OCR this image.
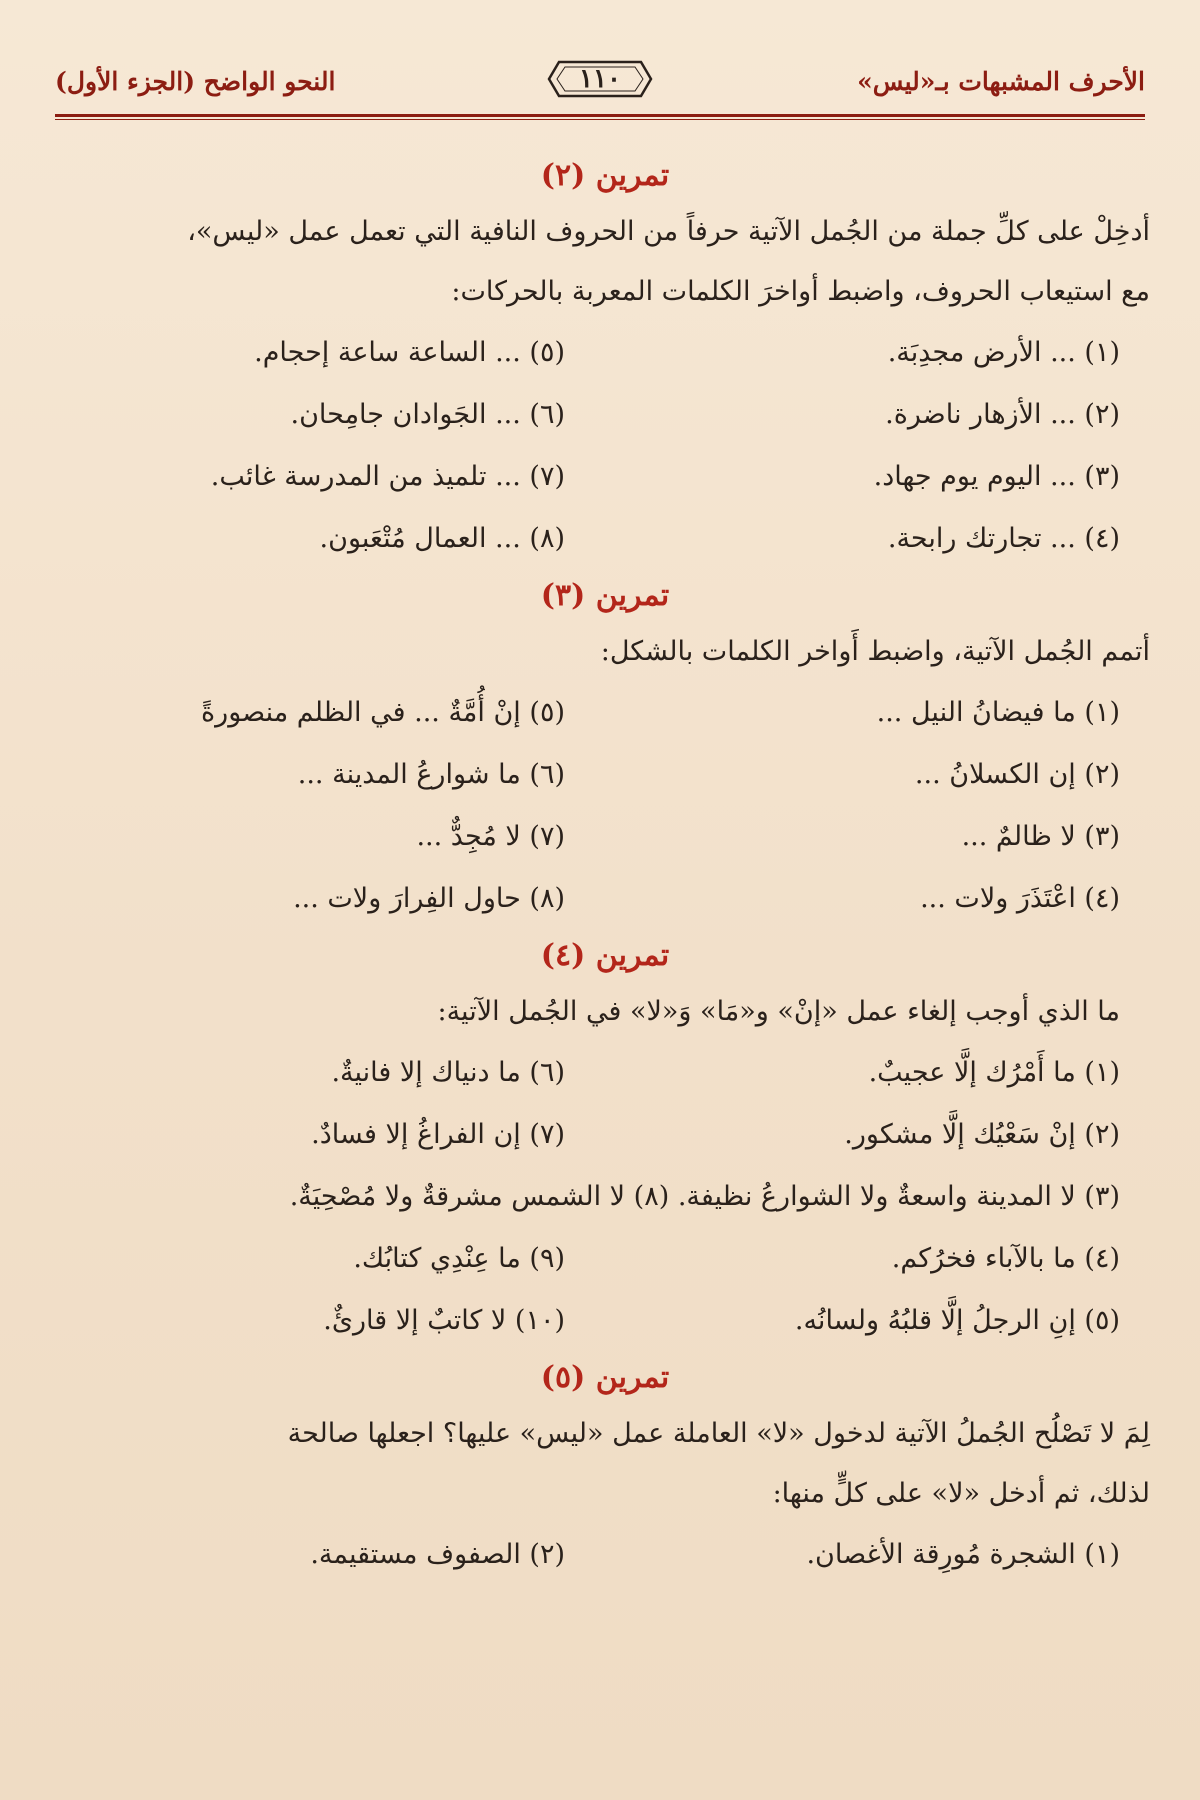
الأحرف المشبهات بـ«ليس»
النحو الواضح (الجزء الأول)	١١٠
تمرين (٢)
أدخِلْ على كلِّ جملة من الجُمل الآتية حرفاً من الحروف النافية التي تعمل عمل «ليس»،
مع استيعاب الحروف، واضبط أواخرَ الكلمات المعربة بالحركات:
(١) ... الأرض مجدِبَة.
(٥) ... الساعة ساعة إحجام.
(٢) ... الأزهار ناضرة.
(٦) ... الجَوادان جامِحان.
(٣) ... اليوم يوم جهاد.
(٧) ... تلميذ من المدرسة غائب.
(٤) ... تجارتك رابحة.
(٨) ... العمال مُتْعَبون.
تمرين (٣)
أتمم الجُمل الآتية، واضبط أَواخر الكلمات بالشكل:
(١) ما فيضانُ النيل ...
(٥) إنْ أُمَّةٌ ... في الظلم منصورةً
(٢) إن الكسلانُ ...
(٦) ما شوارعُ المدينة ...
(٣) لا ظالمٌ ...
(٧) لا مُجِدٌّ ...
(٤) اعْتَذَرَ ولات ...
(٨) حاول الفِرارَ ولات ...
تمرين (٤)
ما الذي أوجب إلغاء عمل «إنْ» و«مَا» وَ«لا» في الجُمل الآتية:
(١) ما أَمْرُك إلَّا عجيبٌ.
(٦) ما دنياك إلا فانيةٌ.
(٢) إنْ سَعْيُك إلَّا مشكور.
(٧) إن الفراغُ إلا فسادٌ.
(٣) لا المدينة واسعةٌ ولا الشوارعُ نظيفة. (٨) لا الشمس مشرقةٌ ولا مُصْحِيَةٌ.
(٤) ما بالآباء فخرُكم.
(٩) ما عِنْدِي كتابُك.
(٥) إنِ الرجلُ إلَّا قلبُهُ ولسانُه.
(١٠) لا كاتبٌ إلا قارئٌ.
تمرين (٥)
لِمَ لا تَصْلُح الجُملُ الآتية لدخول «لا» العاملة عمل «ليس» عليها؟ اجعلها صالحة
لذلك، ثم أدخل «لا» على كلٍّ منها:
(١) الشجرة مُورِقة الأغصان.
(٢) الصفوف مستقيمة.
